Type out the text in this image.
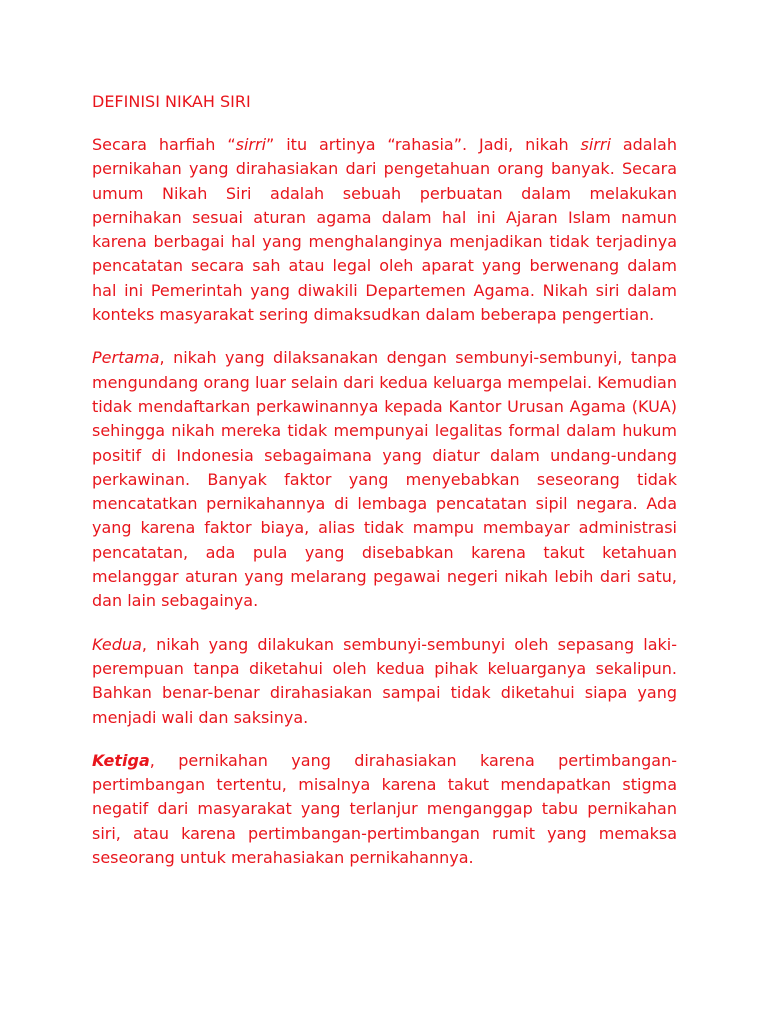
DEFINISI NIKAH SIRI

Secara harfiah “sirri” itu artinya “rahasia”. Jadi, nikah sirri adalah pernikahan yang dirahasiakan dari pengetahuan orang banyak. Secara umum Nikah Siri adalah sebuah perbuatan dalam melakukan pernihakan sesuai aturan agama dalam hal ini Ajaran Islam namun karena berbagai hal yang menghalanginya menjadikan tidak terjadinya pencatatan secara sah atau legal oleh aparat yang berwenang dalam hal ini Pemerintah yang diwakili Departemen Agama. Nikah siri dalam konteks masyarakat sering dimaksudkan dalam beberapa pengertian.

Pertama, nikah yang dilaksanakan dengan sembunyi-sembunyi, tanpa mengundang orang luar selain dari kedua keluarga mempelai. Kemudian tidak mendaftarkan perkawinannya kepada Kantor Urusan Agama (KUA) sehingga nikah mereka tidak mempunyai legalitas formal dalam hukum positif di Indonesia sebagaimana yang diatur dalam undang-undang perkawinan. Banyak faktor yang menyebabkan seseorang tidak mencatatkan pernikahannya di lembaga pencatatan sipil negara. Ada yang karena faktor biaya, alias tidak mampu membayar administrasi pencatatan, ada pula yang disebabkan karena takut ketahuan melanggar aturan yang melarang pegawai negeri nikah lebih dari satu, dan lain sebagainya.

Kedua, nikah yang dilakukan sembunyi-sembunyi oleh sepasang laki-perempuan tanpa diketahui oleh kedua pihak keluarganya sekalipun. Bahkan benar-benar dirahasiakan sampai tidak diketahui siapa yang menjadi wali dan saksinya.

Ketiga, pernikahan yang dirahasiakan karena pertimbangan-pertimbangan tertentu, misalnya karena takut mendapatkan stigma negatif dari masyarakat yang terlanjur menganggap tabu pernikahan siri, atau karena pertimbangan-pertimbangan rumit yang memaksa seseorang untuk merahasiakan pernikahannya.
